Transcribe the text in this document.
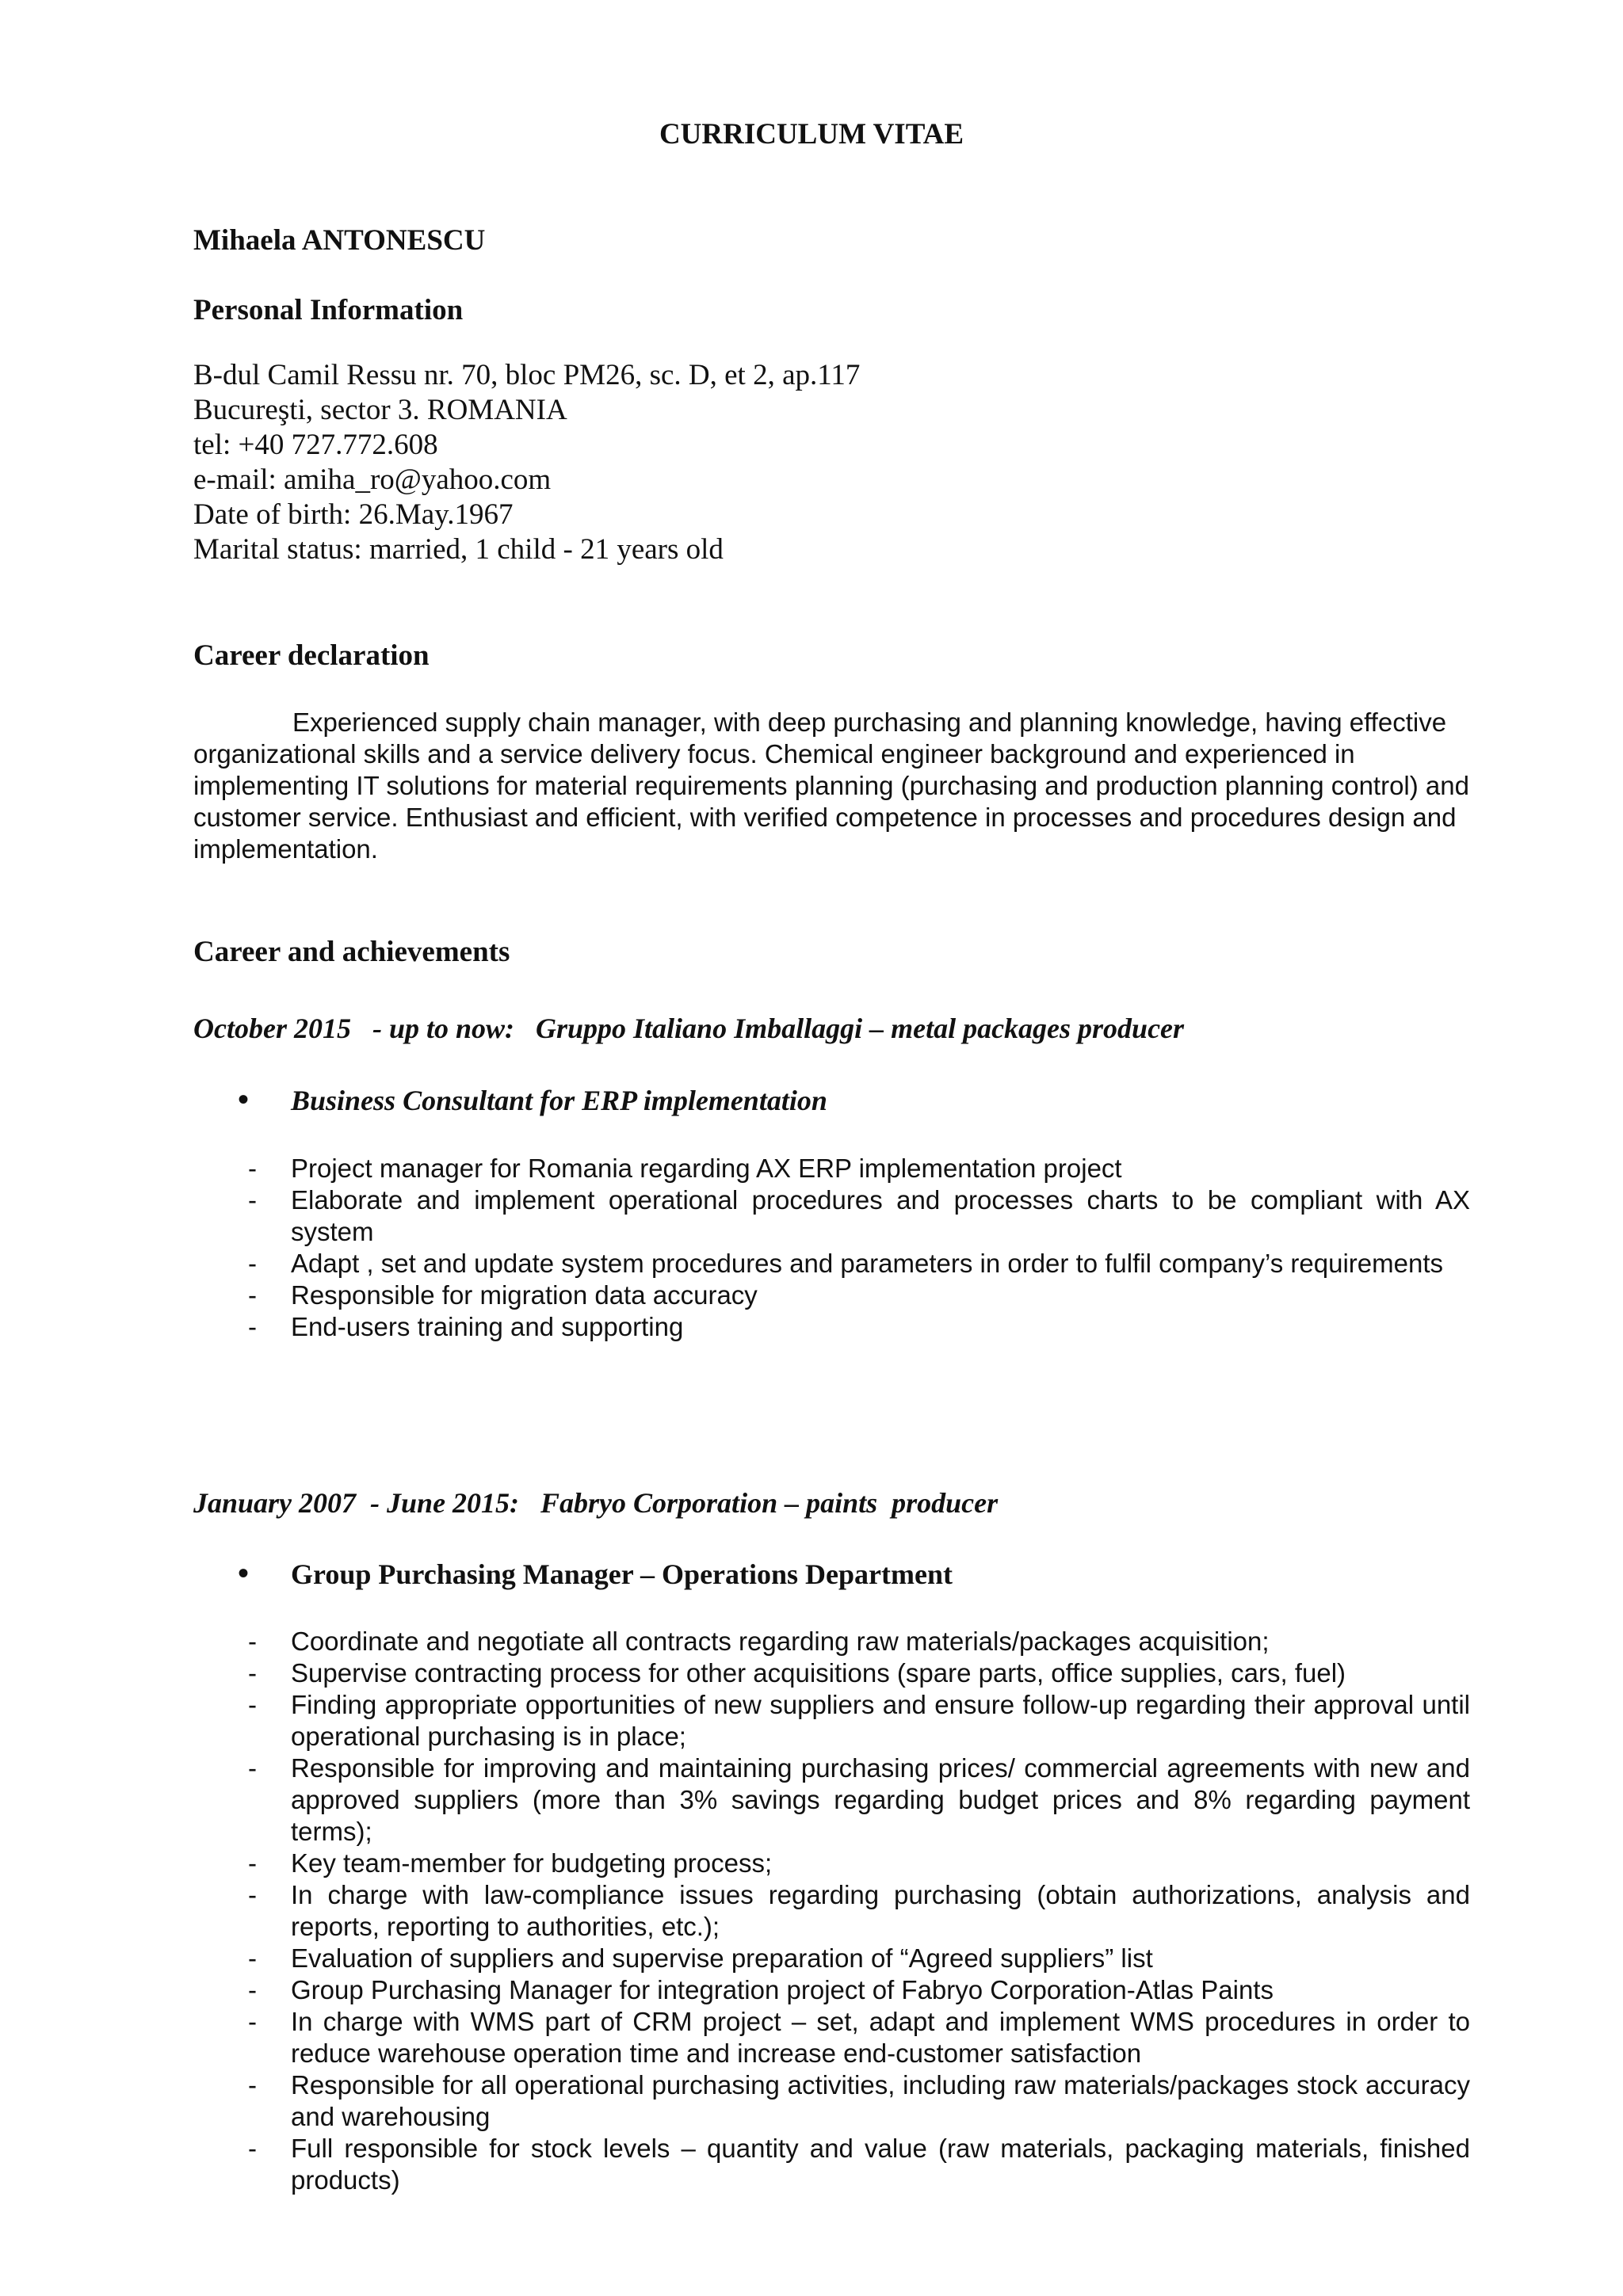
CURRICULUM VITAE
Mihaela ANTONESCU
Personal Information
B-dul Camil Ressu nr. 70, bloc PM26, sc. D, et 2, ap.117
Bucureşti, sector 3. ROMANIA
tel: +40 727.772.608
e-mail: amiha_ro@yahoo.com
Date of birth: 26.May.1967
Marital status: married, 1 child - 21 years old
Career declaration
Experienced supply chain manager, with deep purchasing and planning knowledge, having effective organizational skills and a service delivery focus. Chemical engineer background and experienced in implementing IT solutions for material requirements planning (purchasing and production planning control) and customer service. Enthusiast and efficient, with verified competence in processes and procedures design and implementation.
Career and achievements
October 2015   - up to now:   Gruppo Italiano Imballaggi – metal packages producer
• Business Consultant for ERP implementation
- Project manager for Romania regarding AX ERP implementation project
- Elaborate and implement operational procedures and processes charts to be compliant with AX system
- Adapt , set and update system procedures and parameters in order to fulfil company’s requirements
- Responsible for migration data accuracy
- End-users training and supporting
January 2007  - June 2015:   Fabryo Corporation – paints  producer
• Group Purchasing Manager – Operations Department
- Coordinate and negotiate all contracts regarding raw materials/packages acquisition;
- Supervise contracting process for other acquisitions (spare parts, office supplies, cars, fuel)
- Finding appropriate opportunities of new suppliers and ensure follow-up regarding their approval until operational purchasing is in place;
- Responsible for improving and maintaining purchasing prices/ commercial agreements with new and approved suppliers (more than 3% savings regarding budget prices and 8% regarding payment terms);
- Key team-member for budgeting process;
- In charge with law-compliance issues regarding purchasing (obtain authorizations, analysis and reports, reporting to authorities, etc.);
- Evaluation of suppliers and supervise preparation of “Agreed suppliers” list
- Group Purchasing Manager for integration project of Fabryo Corporation-Atlas Paints
- In charge with WMS part of CRM project – set, adapt and implement WMS procedures in order to reduce warehouse operation time and increase end-customer satisfaction
- Responsible for all operational purchasing activities, including raw materials/packages stock accuracy and warehousing
- Full responsible for stock levels – quantity and value (raw materials, packaging materials, finished products)
